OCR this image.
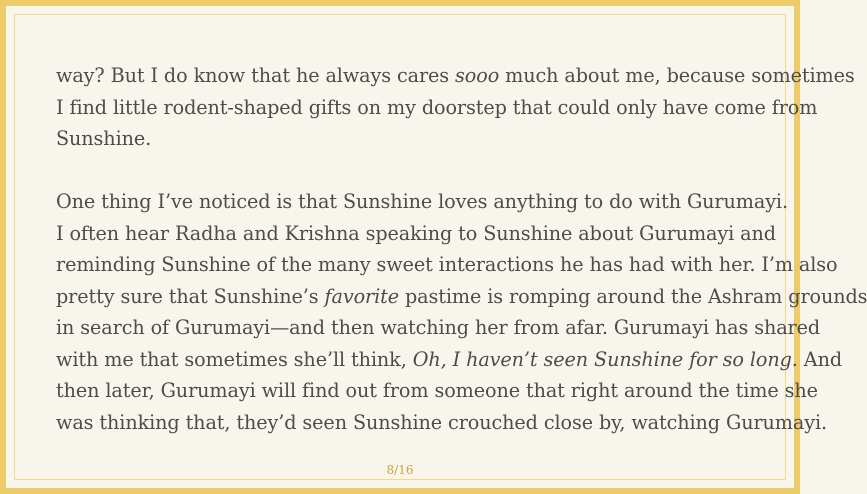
way? But I do know that he always cares sooo much about me, because sometimes
I find little rodent-shaped gifts on my doorstep that could only have come from
Sunshine.
One thing I’ve noticed is that Sunshine loves anything to do with Gurumayi.
I often hear Radha and Krishna speaking to Sunshine about Gurumayi and
reminding Sunshine of the many sweet interactions he has had with her. I’m also
pretty sure that Sunshine’s favorite pastime is romping around the Ashram grounds
in search of Gurumayi—and then watching her from afar. Gurumayi has shared
with me that sometimes she’ll think, Oh, I haven’t seen Sunshine for so long. And
then later, Gurumayi will find out from someone that right around the time she
was thinking that, they’d seen Sunshine crouched close by, watching Gurumayi.
8/16
